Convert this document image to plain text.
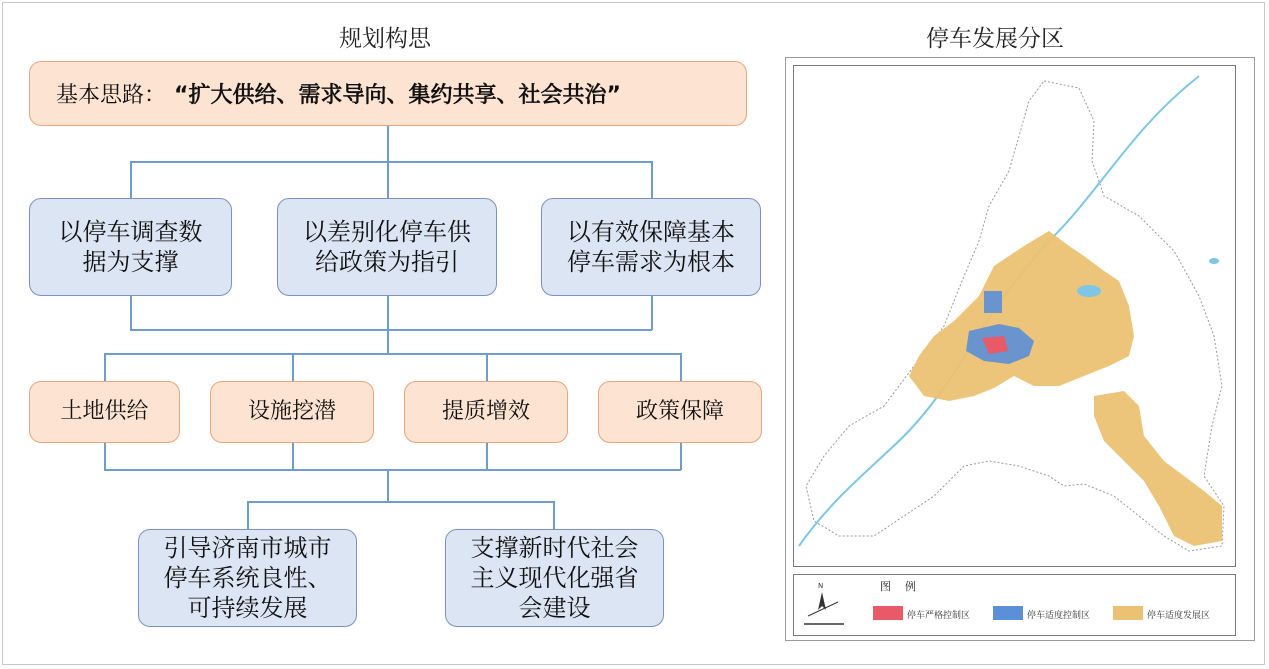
规划构思	停车发展分区
基本思路： “扩大供给、需求导向、集约共享、社会共治”
以停车调查数
据为支撑
以差别化停车供
给政策为指引
以有效保障基本
停车需求为根本
土地供给	设施挖潜	提质增效	政策保障
引导济南市城市
停车系统良性、
可持续发展
支撑新时代社会
主义现代化强省
会建设
N	图例
停车严格控制区	停车适度控制区	停车适度发展区
